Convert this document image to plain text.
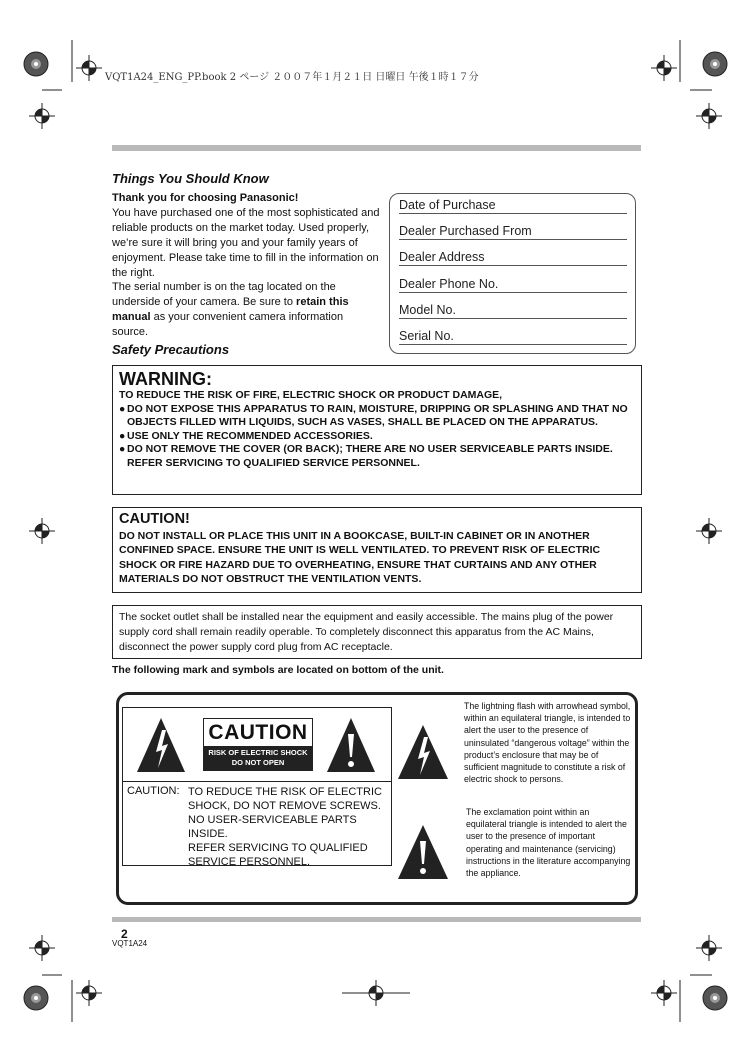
VQT1A24_ENG_PP.book 2 ページ ２００７年１月２１日 日曜日 午後１時１７分
Things You Should Know
Thank you for choosing Panasonic!
You have purchased one of the most sophisticated and reliable products on the market today. Used properly, we’re sure it will bring you and your family years of enjoyment. Please take time to fill in the information on the right.
The serial number is on the tag located on the underside of your camera. Be sure to retain this manual as your convenient camera information source.
Date of Purchase
Dealer Purchased From
Dealer Address
Dealer Phone No.
Model No.
Serial No.
Safety Precautions
WARNING:
TO REDUCE THE RISK OF FIRE, ELECTRIC SHOCK OR PRODUCT DAMAGE,
● DO NOT EXPOSE THIS APPARATUS TO RAIN, MOISTURE, DRIPPING OR SPLASHING AND THAT NO OBJECTS FILLED WITH LIQUIDS, SUCH AS VASES, SHALL BE PLACED ON THE APPARATUS.
● USE ONLY THE RECOMMENDED ACCESSORIES.
● DO NOT REMOVE THE COVER (OR BACK); THERE ARE NO USER SERVICEABLE PARTS INSIDE. REFER SERVICING TO QUALIFIED SERVICE PERSONNEL.
CAUTION!
DO NOT INSTALL OR PLACE THIS UNIT IN A BOOKCASE, BUILT-IN CABINET OR IN ANOTHER CONFINED SPACE. ENSURE THE UNIT IS WELL VENTILATED. TO PREVENT RISK OF ELECTRIC SHOCK OR FIRE HAZARD DUE TO OVERHEATING, ENSURE THAT CURTAINS AND ANY OTHER MATERIALS DO NOT OBSTRUCT THE VENTILATION VENTS.
The socket outlet shall be installed near the equipment and easily accessible. The mains plug of the power supply cord shall remain readily operable. To completely disconnect this apparatus from the AC Mains, disconnect the power supply cord plug from AC receptacle.
The following mark and symbols are located on bottom of the unit.
CAUTION
RISK OF ELECTRIC SHOCK
DO NOT OPEN
CAUTION: TO REDUCE THE RISK OF ELECTRIC
SHOCK, DO NOT REMOVE SCREWS.
NO USER-SERVICEABLE PARTS
INSIDE.
REFER SERVICING TO QUALIFIED
SERVICE PERSONNEL.
The lightning flash with arrowhead symbol, within an equilateral triangle, is intended to alert the user to the presence of uninsulated “dangerous voltage” within the product’s enclosure that may be of sufficient magnitude to constitute a risk of electric shock to persons.
The exclamation point within an equilateral triangle is intended to alert the user to the presence of important operating and maintenance (servicing) instructions in the literature accompanying the appliance.
2
VQT1A24
